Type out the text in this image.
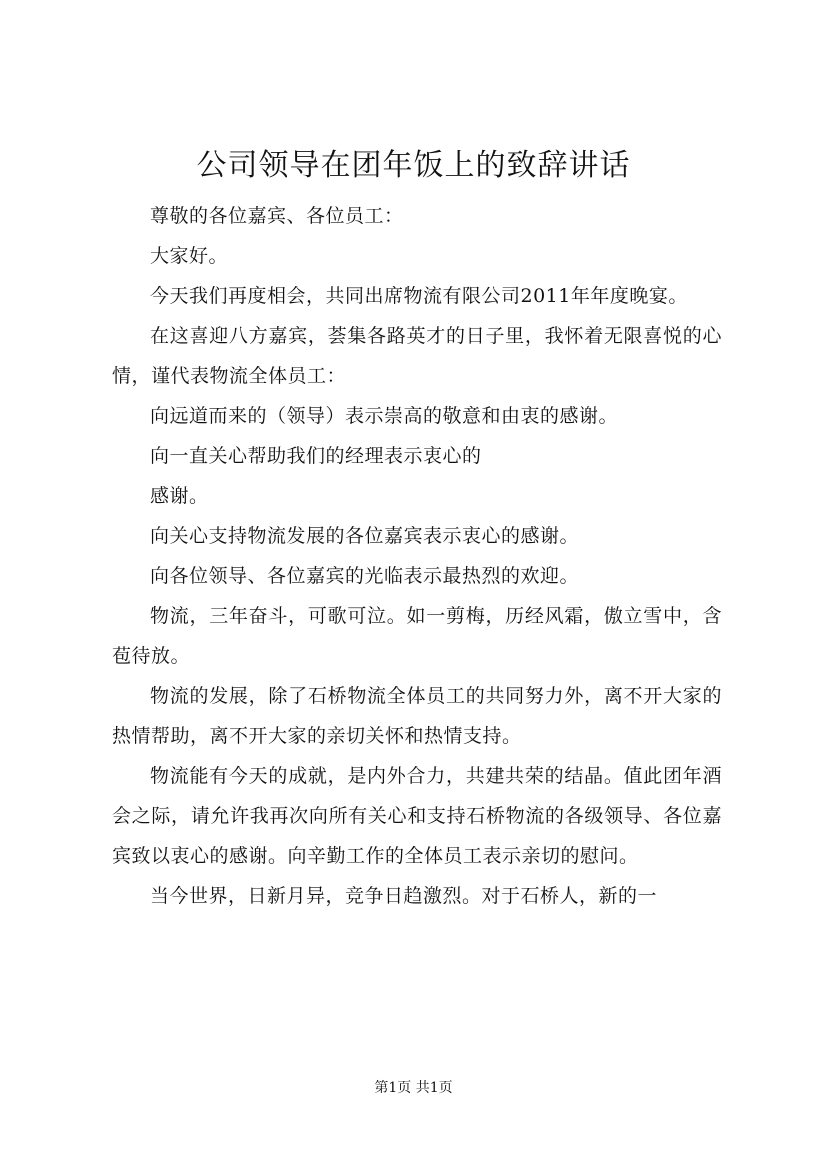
公司领导在团年饭上的致辞讲话

尊敬的各位嘉宾、各位员工：

大家好。

今天我们再度相会，共同出席物流有限公司2011年年度晚宴。

在这喜迎八方嘉宾，荟集各路英才的日子里，我怀着无限喜悦的心情，谨代表物流全体员工：

向远道而来的（领导）表示崇高的敬意和由衷的感谢。

向一直关心帮助我们的经理表示衷心的

感谢。

向关心支持物流发展的各位嘉宾表示衷心的感谢。

向各位领导、各位嘉宾的光临表示最热烈的欢迎。

物流，三年奋斗，可歌可泣。如一剪梅，历经风霜，傲立雪中，含苞待放。

物流的发展，除了石桥物流全体员工的共同努力外，离不开大家的热情帮助，离不开大家的亲切关怀和热情支持。

物流能有今天的成就，是内外合力，共建共荣的结晶。值此团年酒会之际，请允许我再次向所有关心和支持石桥物流的各级领导、各位嘉宾致以衷心的感谢。向辛勤工作的全体员工表示亲切的慰问。

当今世界，日新月异，竞争日趋激烈。对于石桥人，新的一

第1页 共1页
